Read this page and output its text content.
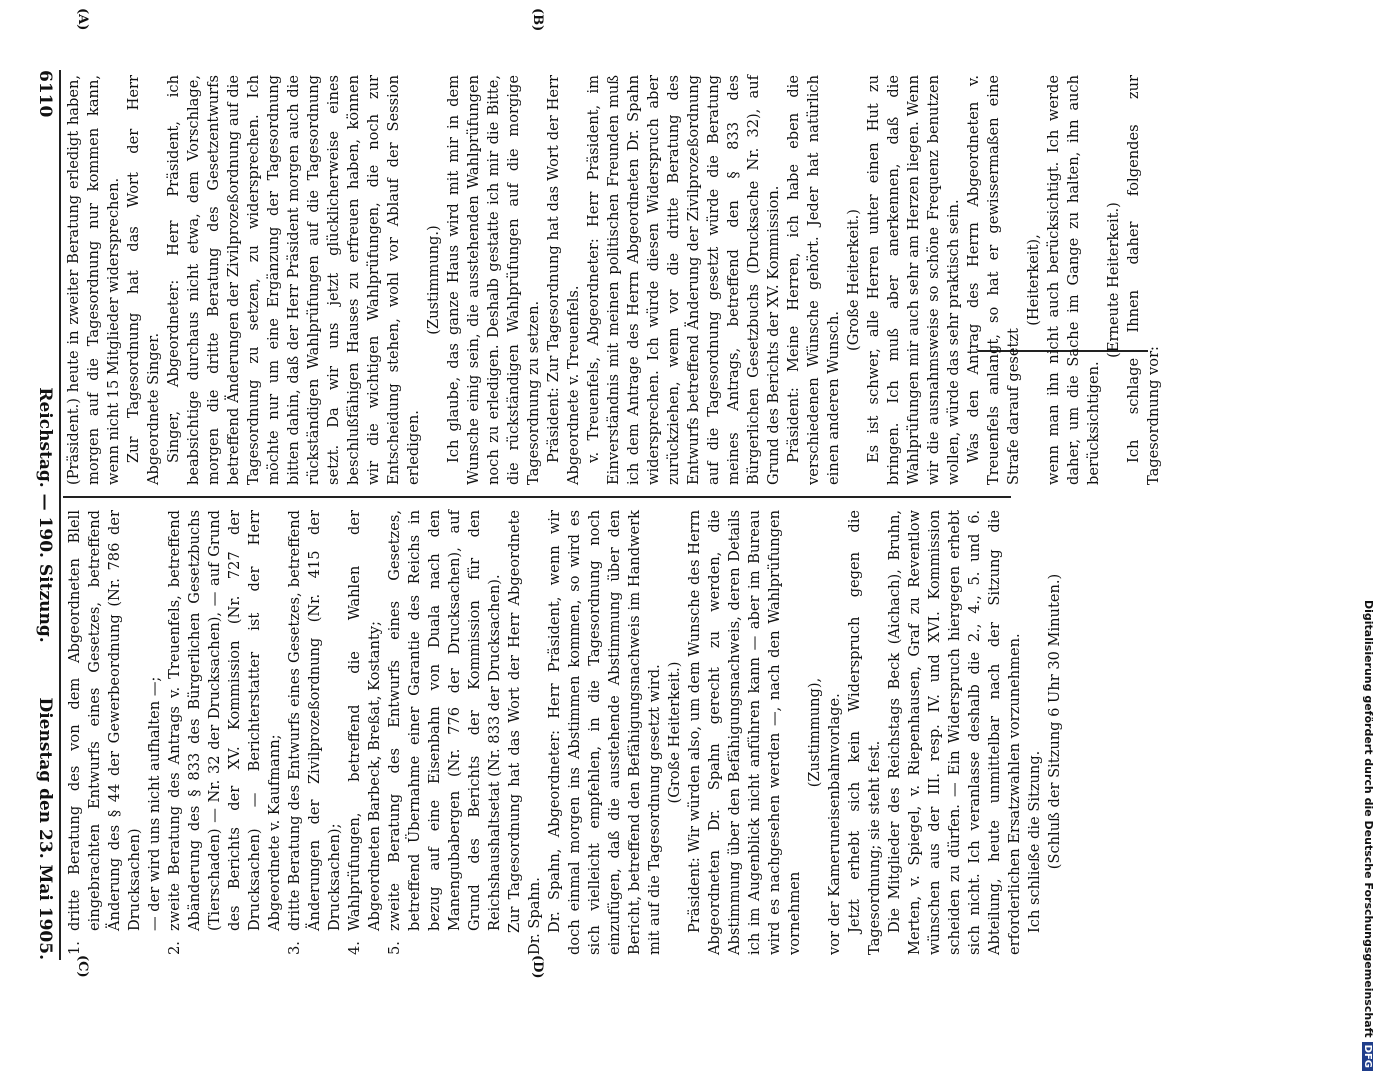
6110
Reichstag. — 190. Sitzung.
Dienstag den 23. Mai 1905.
(A)	(B)
(C)	(D)

(Präsident.) heute in zweiter Beratung erledigt haben, morgen auf die Tagesordnung nur kommen kann, wenn nicht 15 Mitglieder widersprechen. Zur Tagesordnung hat das Wort der Herr Abgeordnete Singer. Singer, Abgeordneter: Herr Präsident, ich beabsichtige durchaus nicht etwa, dem Vorschlage, morgen die dritte Beratung des Gesetzentwurfs betreffend Änderungen der Zivilprozeßordnung auf die Tagesordnung zu setzen, zu widersprechen. Ich möchte nur um eine Ergänzung der Tagesordnung bitten dahin, daß der Herr Präsident morgen auch die rückständigen Wahlprüfungen auf die Tagesordnung setzt. Da wir uns jetzt glücklicherweise eines beschlußfähigen Hauses zu erfreuen haben, können wir die wichtigen Wahlprüfungen, die noch zur Entscheidung stehen, wohl vor Ablauf der Session erledigen.

(Zustimmung.) Ich glaube, das ganze Haus wird mit mir in dem Wunsche einig sein, die ausstehenden Wahlprüfungen noch zu erledigen. Deshalb gestatte ich mir die Bitte, die rückständigen Wahlprüfungen auf die morgige Tagesordnung zu setzen. Präsident: Zur Tagesordnung hat das Wort der Herr Abgeordnete v. Treuenfels. v. Treuenfels, Abgeordneter: Herr Präsident, im Einverständnis mit meinen politischen Freunden muß ich dem Antrage des Herrn Abgeordneten Dr. Spahn widersprechen. Ich würde diesen Widerspruch aber zurückziehen, wenn vor die dritte Beratung des Entwurfs betreffend Änderung der Zivilprozeßordnung auf die Tagesordnung gesetzt würde die Beratung meines Antrags, betreffend den § 833 des Bürgerlichen Gesetzbuchs (Drucksache Nr. 32), auf Grund des Berichts der XV. Kommission. Präsident: Meine Herren, ich habe eben die verschiedenen Wünsche gehört. Jeder hat natürlich einen anderen Wunsch.

(Große Heiterkeit.) Es ist schwer, alle Herren unter einen Hut zu bringen. Ich muß aber anerkennen, daß die Wahlprüfungen mir auch sehr am Herzen liegen. Wenn wir die ausnahmsweise so schöne Frequenz benutzen wollen, würde das sehr praktisch sein. Was den Antrag des Herrn Abgeordneten v. Treuenfels anlangt, so hat er gewissermaßen eine Strafe darauf gesetzt

(Heiterkeit), wenn man ihn nicht auch berücksichtigt. Ich werde daher, um die Sache im Gange zu halten, ihn auch berücksichtigen.

(Erneute Heiterkeit.) Ich schlage Ihnen daher folgendes zur Tagesordnung vor:

1.
dritte Beratung des von dem Abgeordneten Blell eingebrachten Entwurfs eines Gesetzes, betreffend Änderung des § 44 der Gewerbeordnung (Nr. 786 der Drucksachen) — der wird uns nicht aufhalten —;
2.
zweite Beratung des Antrags v. Treuenfels, betreffend Abänderung des § 833 des Bürgerlichen Gesetzbuchs (Tierschaden) — Nr. 32 der Drucksachen), — auf Grund des Berichts der XV. Kommission (Nr. 727 der Drucksachen) — Berichterstatter ist der Herr Abgeordnete v. Kaufmann;
3.
dritte Beratung des Entwurfs eines Gesetzes, betreffend Änderungen der Zivilprozeßordnung (Nr. 415 der Drucksachen);
4.
Wahlprüfungen, betreffend die Wahlen der Abgeordneten Barbeck, Breßat, Kostanty;
5.
zweite Beratung des Entwurfs eines Gesetzes, betreffend Übernahme einer Garantie des Reichs in bezug auf eine Eisenbahn von Duala nach den Manengubabergen (Nr. 776 der Drucksachen), auf Grund des Berichts der Kommission für den Reichshaushaltsetat (Nr. 833 der Drucksachen). Zur Tagesordnung hat das Wort der Herr Abgeordnete Dr. Spahn. Dr. Spahn, Abgeordneter: Herr Präsident, wenn wir doch einmal morgen ins Abstimmen kommen, so wird es sich vielleicht empfehlen, in die Tagesordnung noch einzufügen, daß die ausstehende Abstimmung über den Bericht, betreffend den Befähigungsnachweis im Handwerk mit auf die Tagesordnung gesetzt wird. (Große Heiterkeit.) Präsident: Wir würden also, um dem Wunsche des Herrn Abgeordneten Dr. Spahn gerecht zu werden, die Abstimmung über den Befähigungsnachweis, deren Details ich im Augenblick nicht anführen kann — aber im Bureau wird es nachgesehen werden —, nach den Wahlprüfungen vornehmen

(Zustimmung), vor der Kameruneisenbahnvorlage. Jetzt erhebt sich kein Widerspruch gegen die Tagesordnung; sie steht fest. Die Mitglieder des Reichstags Beck (Aichach), Bruhn, Merten, v. Spiegel, v. Riepenhausen, Graf zu Reventlow wünschen aus der III. resp. IV. und XVI. Kommission scheiden zu dürfen. — Ein Widerspruch hiergegen erhebt sich nicht. Ich veranlasse deshalb die 2., 4., 5. und 6. Abteilung, heute unmittelbar nach der Sitzung die erforderlichen Ersatzwahlen vorzunehmen. Ich schließe die Sitzung. (Schluß der Sitzung 6 Uhr 30 Minuten.)	Digitalisierung gefördert durch die Deutsche ForschungsgemeinschaftDFG
